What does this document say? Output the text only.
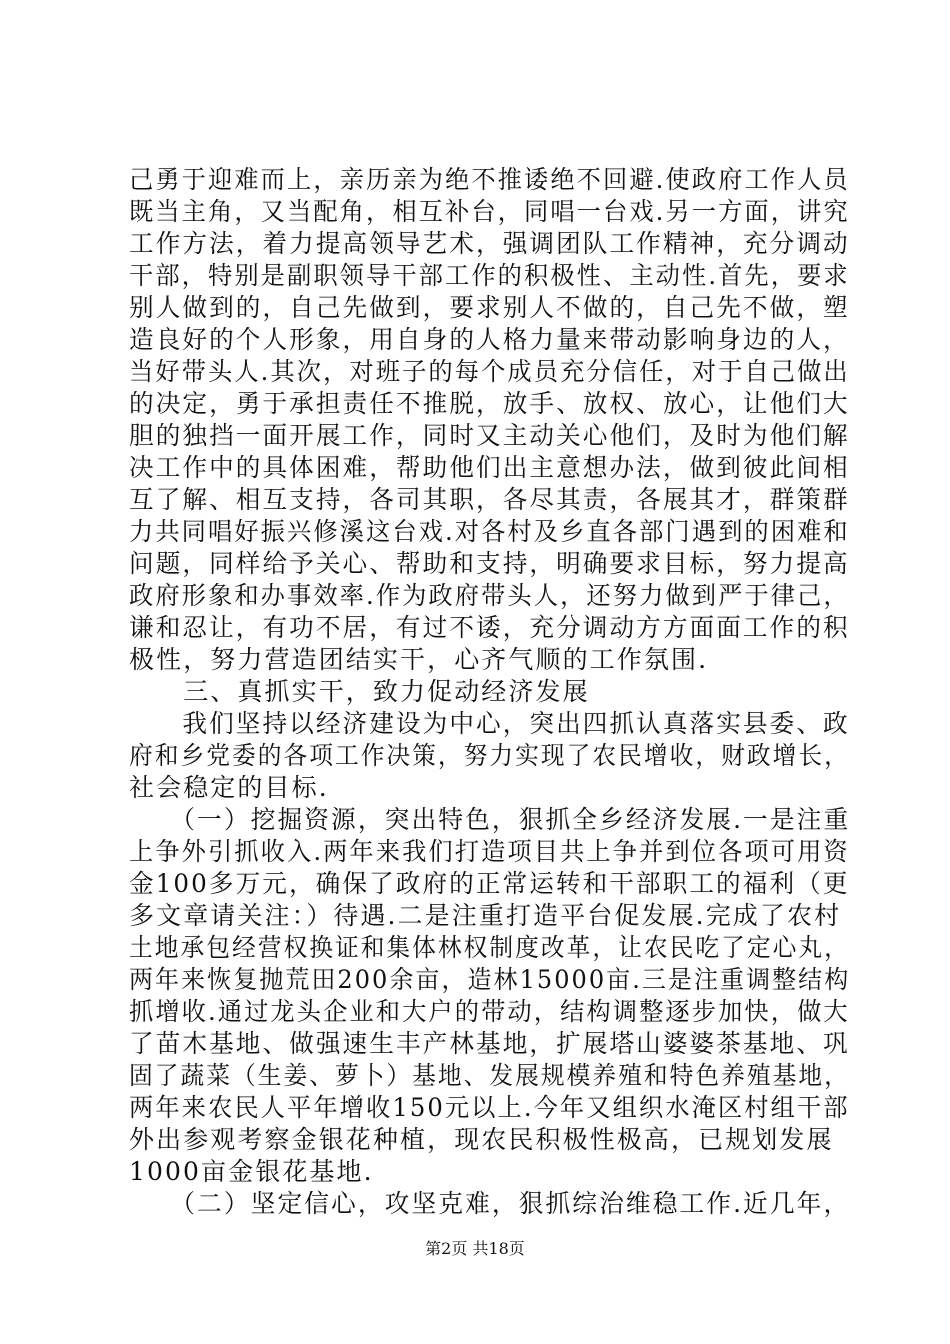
己勇于迎难而上，亲历亲为绝不推诿绝不回避.使政府工作人员
既当主角，又当配角，相互补台，同唱一台戏.另一方面，讲究
工作方法，着力提高领导艺术，强调团队工作精神，充分调动
干部，特别是副职领导干部工作的积极性、主动性.首先，要求
别人做到的，自己先做到，要求别人不做的，自己先不做，塑
造良好的个人形象，用自身的人格力量来带动影响身边的人，
当好带头人.其次，对班子的每个成员充分信任，对于自己做出
的决定，勇于承担责任不推脱，放手、放权、放心，让他们大
胆的独挡一面开展工作，同时又主动关心他们，及时为他们解
决工作中的具体困难，帮助他们出主意想办法，做到彼此间相
互了解、相互支持，各司其职，各尽其责，各展其才，群策群
力共同唱好振兴修溪这台戏.对各村及乡直各部门遇到的困难和
问题，同样给予关心、帮助和支持，明确要求目标，努力提高
政府形象和办事效率.作为政府带头人，还努力做到严于律己，
谦和忍让，有功不居，有过不诿，充分调动方方面面工作的积
极性，努力营造团结实干，心齐气顺的工作氛围.
　　三、真抓实干，致力促动经济发展
　　我们坚持以经济建设为中心，突出四抓认真落实县委、政
府和乡党委的各项工作决策，努力实现了农民增收，财政增长，
社会稳定的目标.
　　（一）挖掘资源，突出特色，狠抓全乡经济发展.一是注重
上争外引抓收入.两年来我们打造项目共上争并到位各项可用资
金100多万元，确保了政府的正常运转和干部职工的福利（更
多文章请关注：）待遇.二是注重打造平台促发展.完成了农村
土地承包经营权换证和集体林权制度改革，让农民吃了定心丸，
两年来恢复抛荒田200余亩，造林15000亩.三是注重调整结构
抓增收.通过龙头企业和大户的带动，结构调整逐步加快，做大
了苗木基地、做强速生丰产林基地，扩展塔山婆婆茶基地、巩
固了蔬菜（生姜、萝卜）基地、发展规模养殖和特色养殖基地，
两年来农民人平年增收150元以上.今年又组织水淹区村组干部
外出参观考察金银花种植，现农民积极性极高，已规划发展
1000亩金银花基地.
　　（二）坚定信心，攻坚克难，狠抓综治维稳工作.近几年，
第2页 共18页
